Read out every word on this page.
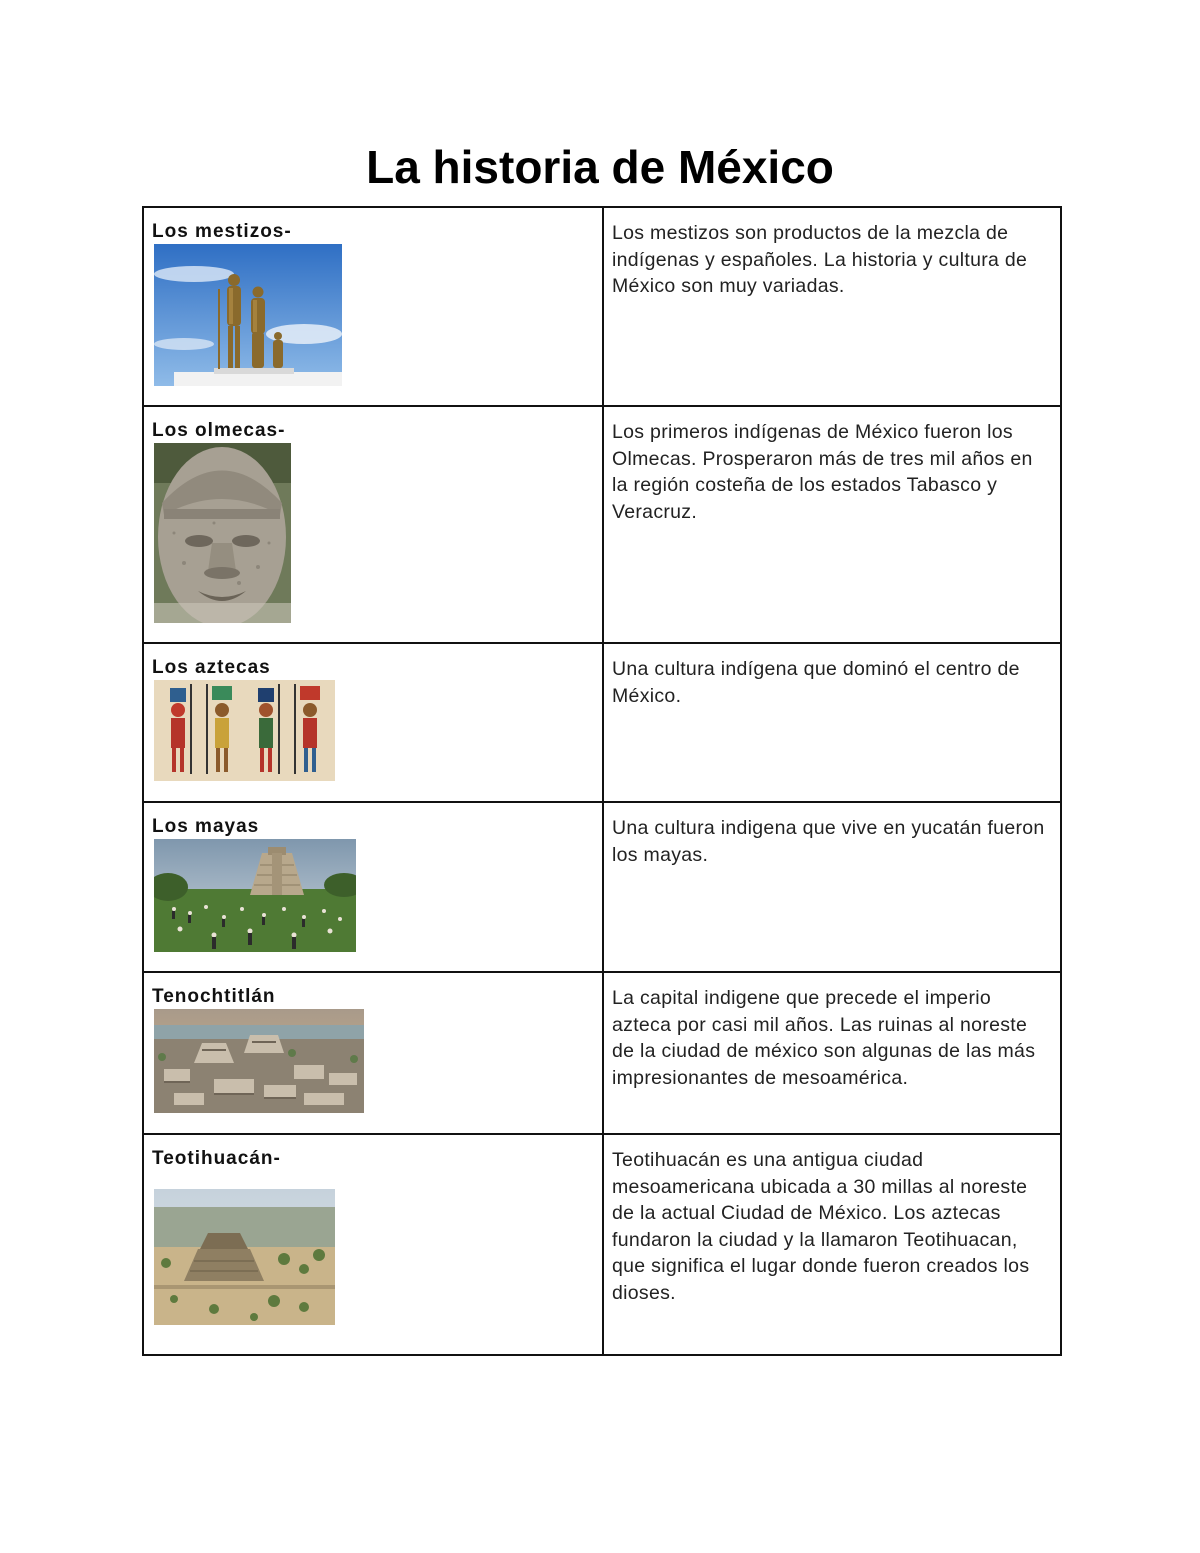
La historia de México
Los mestizos-	Los mestizos son productos de la mezcla de indígenas y españoles. La historia y cultura de México son muy variadas.

Los olmecas-	Los primeros indígenas de México fueron los Olmecas. Prosperaron más de tres mil años en la región costeña de los estados Tabasco y Veracruz.

Los aztecas	Una cultura indígena que dominó el centro de México.

Los mayas	Una cultura indigena que vive en yucatán fueron los mayas.

Tenochtitlán	La capital indigene que precede el imperio azteca por casi mil años. Las ruinas al noreste de la ciudad de méxico son algunas de las más impresionantes de mesoamérica.

Teotihuacán-	Teotihuacán es una antigua ciudad mesoamericana ubicada a 30 millas al noreste de la actual Ciudad de México. Los aztecas fundaron la ciudad y la llamaron Teotihuacan, que significa el lugar donde fueron creados los dioses.
